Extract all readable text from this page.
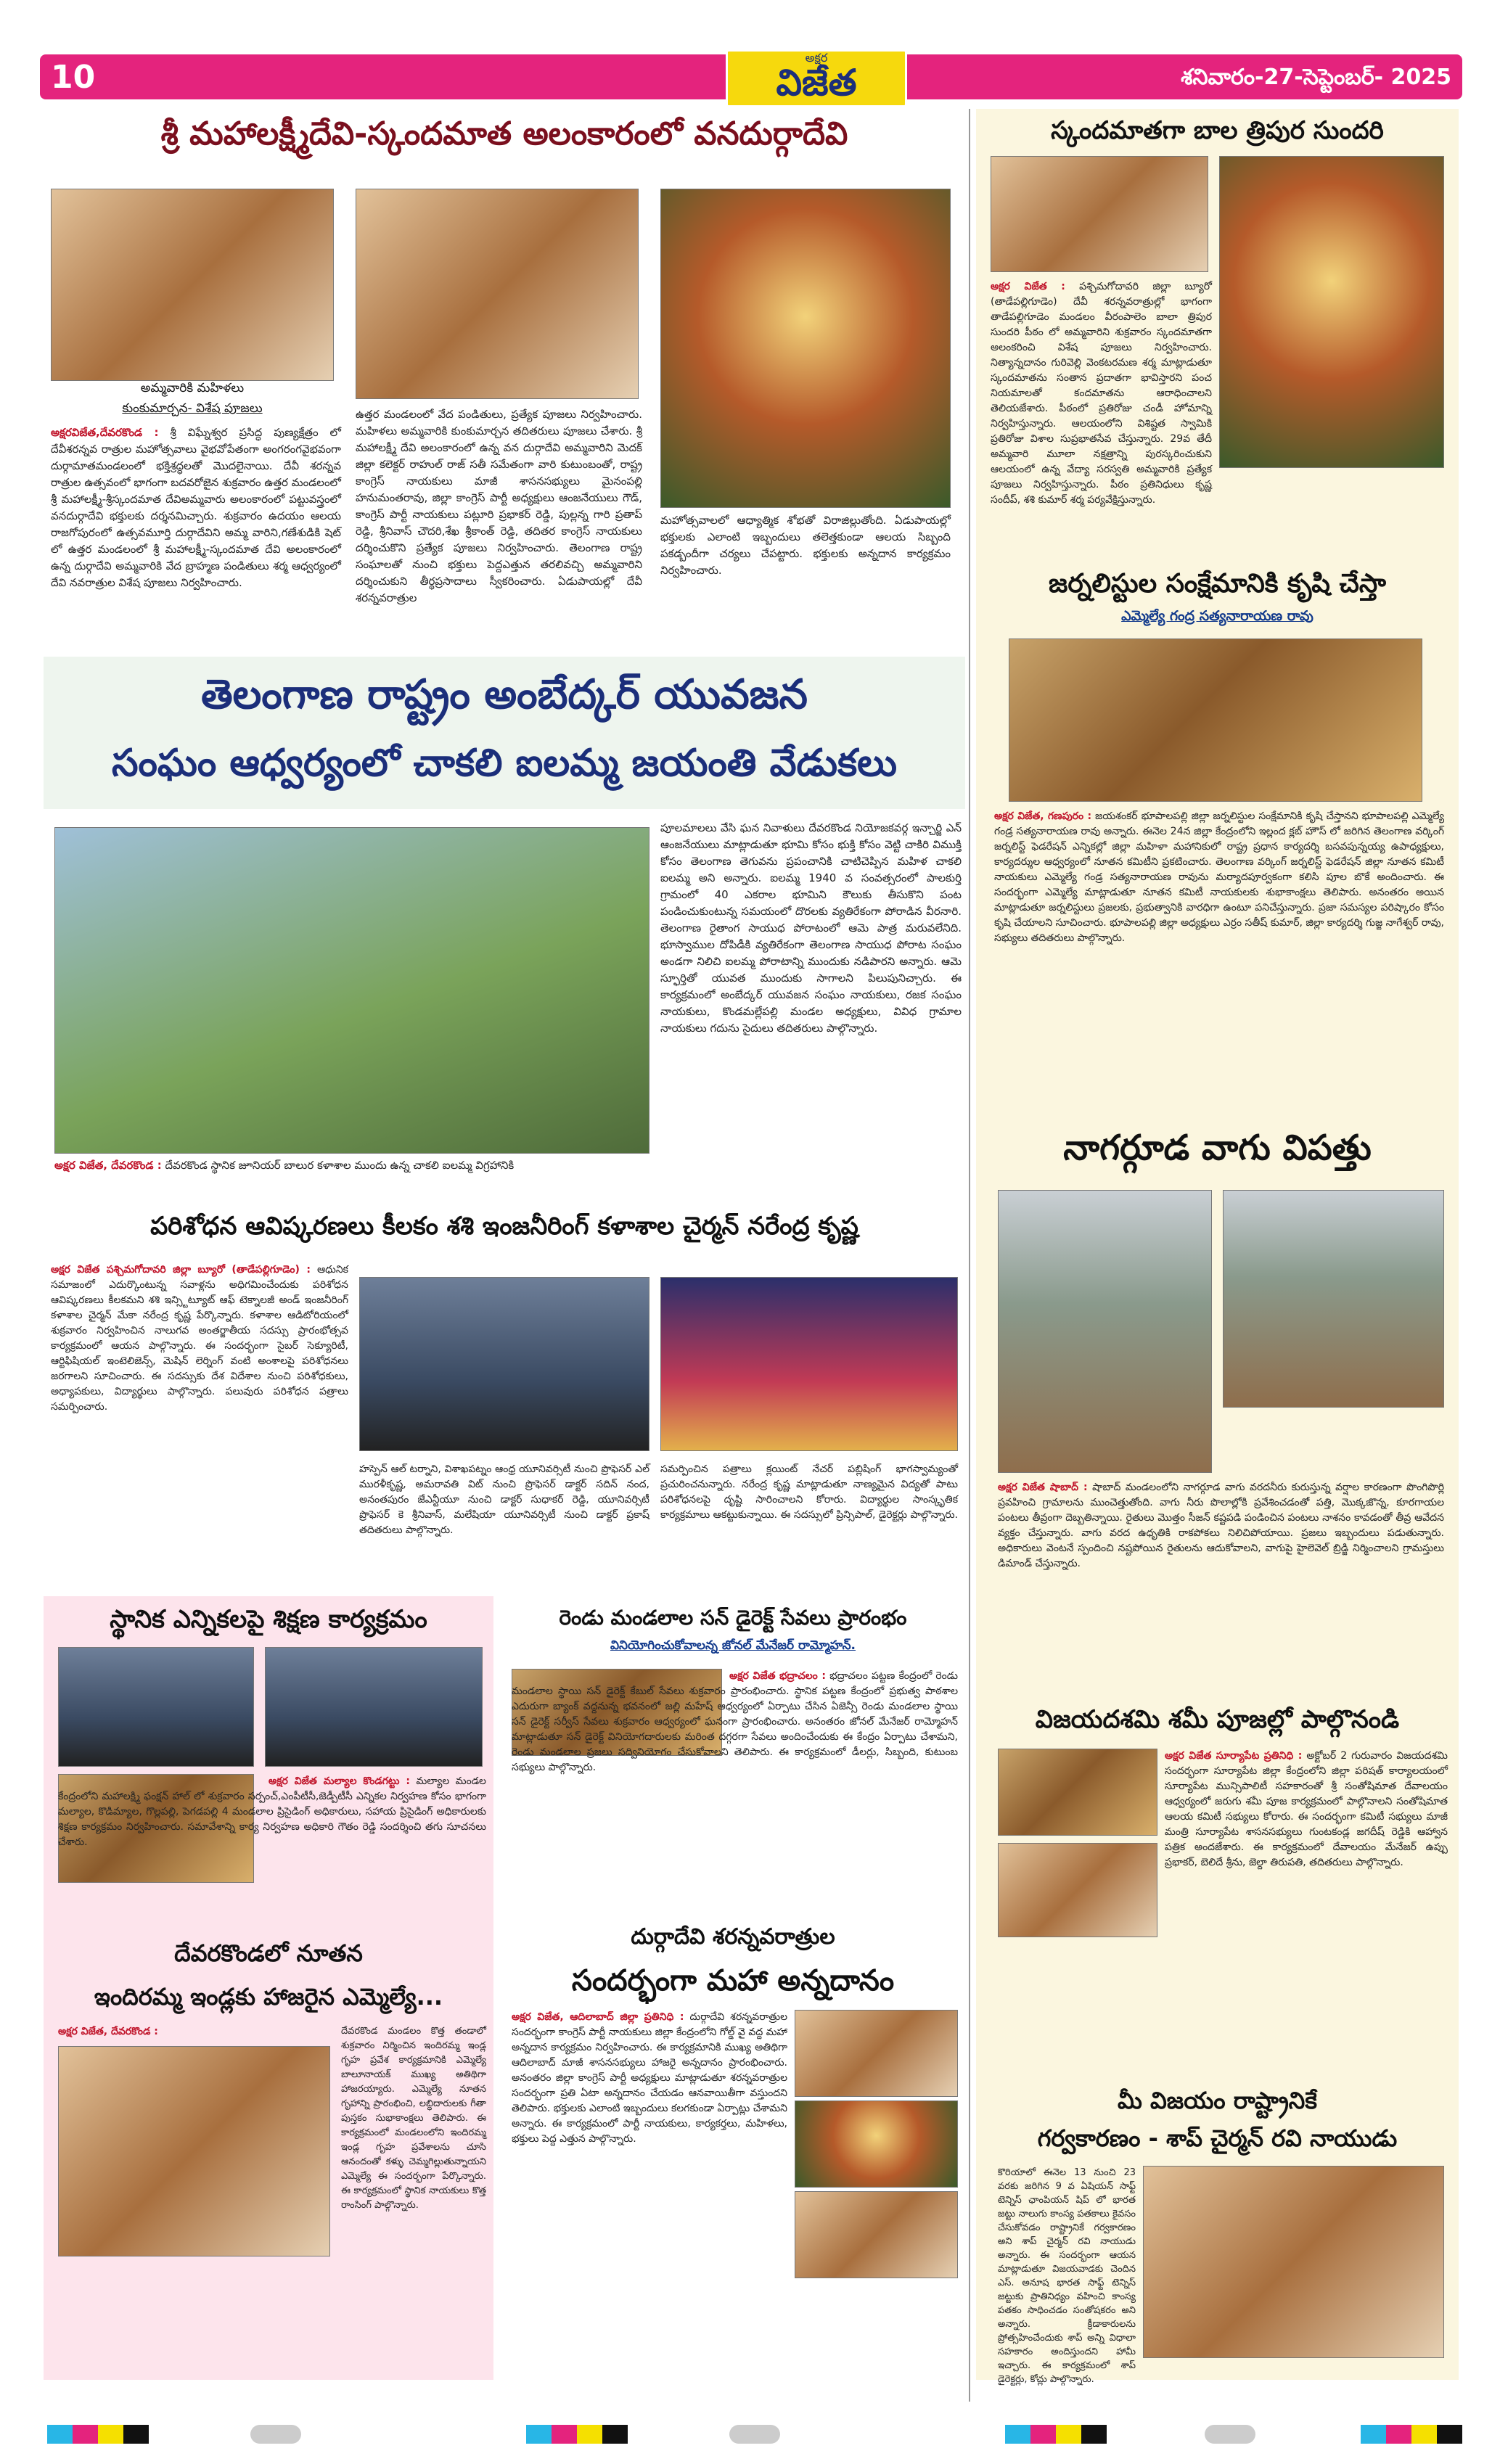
10
అక్షర
విజేత	శనివారం-27-సెప్టెంబర్- 2025
శ్రీ మహాలక్ష్మీదేవి-స్కందమాత అలంకారంలో వనదుర్గాదేవి
అమ్మవారికి మహిళలు
కుంకుమార్చన- విశేష పూజలు
అక్షరవిజేత,దేవరకొండ : శ్రీ విఘ్నేశ్వర ప్రసిద్ధ పుణ్యక్షేత్రం లో దేవీశరన్నవ రాత్రుల మహోత్సవాలు వైభవోపేతంగా అంగరంగవైభవంగా దుర్గామాతమండలంలో భక్తిశ్రద్ధలతో మొదలైనాయి. దేవీ శరన్నవ రాత్రుల ఉత్సవంలో భాగంగా బదవరోజైన శుక్రవారం ఉత్తర మండలంలో శ్రీ మహాలక్ష్మీ-శ్రీస్కందమాత దేవిఅమ్మవారు అలంకారంలో పట్టువస్త్రంలో వనదుర్గాదేవి భక్తులకు దర్శనమిచ్చారు. శుక్రవారం ఉదయం ఆలయ రాజగోపురంలో ఉత్సవమూర్తి దుర్గాదేవిని అమ్మ వారిని,గణేశుడికి షెట్ లో ఉత్తర మండలంలో శ్రీ మహాలక్ష్మీ-స్కందమాత దేవి అలంకారంలో ఉన్న దుర్గాదేవి అమ్మవారికి వేద బ్రాహ్మణ పండితులు శర్మ ఆధ్వర్యంలో దేవి నవరాత్రుల విశేష పూజలు నిర్వహించారు.
ఉత్తర మండలంలో వేద పండితులు, ప్రత్యేక పూజలు నిర్వహించారు. మహిళలు అమ్మవారికి కుంకుమార్చన తదితరులు పూజలు చేశారు. శ్రీ మహాలక్ష్మీ దేవి అలంకారంలో ఉన్న వన దుర్గాదేవి అమ్మవారిని మెదక్ జిల్లా కలెక్టర్ రాహుల్ రాజ్ సతీ సమేతంగా వారి కుటుంబంతో, రాష్ట్ర కాంగ్రెస్ నాయకులు మాజీ శాసనసభ్యులు మైనంపల్లి హనుమంతరావు, జిల్లా కాంగ్రెస్ పార్టీ అధ్యక్షులు ఆంజనేయులు గౌడ్, కాంగ్రెస్ పార్టీ నాయకులు పట్లూరి ప్రభాకర్ రెడ్డి, పుల్లన్న గారి ప్రతాప్ రెడ్డి, శ్రీనివాస్ చౌదరి,శేఖ శ్రీకాంత్ రెడ్డి, తదితర కాంగ్రెస్ నాయకులు దర్శించుకొని ప్రత్యేక పూజలు నిర్వహించారు. తెలంగాణ రాష్ట్ర సంఘాలతో నుంచి భక్తులు పెద్దఎత్తున తరలివచ్చి అమ్మవారిని దర్శించుకుని తీర్థప్రసాదాలు స్వీకరించారు. ఏడుపాయల్లో దేవీ శరన్నవరాత్రుల
మహోత్సవాలలో ఆధ్యాత్మిక శోభతో విరాజిల్లుతోంది. ఏడుపాయల్లో భక్తులకు ఎలాంటి ఇబ్బందులు తలెత్తకుండా ఆలయ సిబ్బంది పకడ్బందీగా చర్యలు చేపట్టారు. భక్తులకు అన్నదాన కార్యక్రమం నిర్వహించారు.
స్కందమాతగా బాల త్రిపుర సుందరి
అక్షర విజేత : పశ్చిమగోదావరి జిల్లా బ్యూరో (తాడేపల్లిగూడెం) దేవీ శరన్నవరాత్రుల్లో భాగంగా తాడేపల్లిగూడెం మండలం వీరంపాలెం బాలా త్రిపుర సుందరి పీఠం లో అమ్మవారిని శుక్రవారం స్కందమాతగా అలంకరించి విశేష పూజలు నిర్వహించారు. నిత్యాన్నదానం గురివెల్లి వెంకటరమణ శర్మ మాట్లాడుతూ స్కందమాతను సంతాన ప్రదాతగా భావిస్తారని పంచ నియమాలతో కందమాతను ఆరాధించాలని తెలియజేశారు. పీఠంలో ప్రతిరోజు చండీ హోమాన్ని నిర్వహిస్తున్నారు. ఆలయంలోని విశిష్టత స్వామికి ప్రతిరోజు విశాల సుప్రభాతసేవ చేస్తున్నారు. 29వ తేదీ అమ్మవారి మూలా నక్షత్రాన్ని పురస్కరించుకుని ఆలయంలో ఉన్న వేద్యా సరస్వతి అమ్మవారికి ప్రత్యేక పూజలు నిర్వహిస్తున్నారు. పీఠం ప్రతినిధులు కృష్ణ సందీప్, శశి కుమార్ శర్మ పర్యవేక్షిస్తున్నారు.
జర్నలిస్టుల సంక్షేమానికి కృషి చేస్తా
ఎమ్మెల్యే గంద్ర సత్యనారాయణ రావు
అక్షర విజేత, గణపురం : జయశంకర్ భూపాలపల్లి జిల్లా జర్నలిస్టుల సంక్షేమానికి కృషి చేస్తానని భూపాలపల్లి ఎమ్మెల్యే గండ్ర సత్యనారాయణ రావు అన్నారు. ఈనెల 24న జిల్లా కేంద్రంలోని ఇల్లంద క్లబ్ హౌస్ లో జరిగిన తెలంగాణ వర్కింగ్ జర్నలిస్ట్ ఫెడరేషన్ ఎన్నికల్లో జిల్లా మహిళా మహానికులో రాష్ట్ర ప్రధాన కార్యదర్శి బసవపున్నయ్య ఉపాధ్యక్షులు, కార్యదర్శుల ఆధ్వర్యంలో నూతన కమిటీని ప్రకటించారు. తెలంగాణ వర్కింగ్ జర్నలిస్ట్ ఫెడరేషన్ జిల్లా నూతన కమిటీ నాయకులు ఎమ్మెల్యే గండ్ర సత్యనారాయణ రావును మర్యాదపూర్వకంగా కలిసి పూల బొకే అందించారు. ఈ సందర్భంగా ఎమ్మెల్యే మాట్లాడుతూ నూతన కమిటీ నాయకులకు శుభాకాంక్షలు తెలిపారు. అనంతరం అయిన మాట్లాడుతూ జర్నలిస్టులు ప్రజలకు, ప్రభుత్వానికి వారధిగా ఉంటూ పనిచేస్తున్నారు. ప్రజా సమస్యల పరిష్కారం కోసం కృషి చేయాలని సూచించారు. భూపాలపల్లి జిల్లా అధ్యక్షులు ఎర్రం సతీష్ కుమార్, జిల్లా కార్యదర్శి గుజ్జ నాగేశ్వర్ రావు, సభ్యులు తదితరులు పాల్గొన్నారు.
తెలంగాణ రాష్ట్రం అంబేద్కర్ యువజన
సంఘం ఆధ్వర్యంలో చాకలి ఐలమ్మ జయంతి వేడుకలు
అక్షర విజేత, దేవరకొండ : దేవరకొండ స్థానిక జూనియర్ బాలుర కళాశాల ముందు ఉన్న చాకలి ఐలమ్మ విగ్రహానికి
పూలమాలలు వేసి ఘన నివాళులు దేవరకొండ నియోజకవర్గ ఇన్చార్జి ఎన్ ఆంజనేయులు మాట్లాడుతూ భూమి కోసం భుక్తి కోసం వెట్టి చాకిరి విముక్తి కోసం తెలంగాణ తెగువను ప్రపంచానికి చాటిచెప్పిన మహిళ చాకలి ఐలమ్మ అని అన్నారు. ఐలమ్మ 1940 వ సంవత్సరంలో పాలకుర్తి గ్రామంలో 40 ఎకరాల భూమిని కౌలుకు తీసుకొని పంట పండించుకుంటున్న సమయంలో దొరలకు వ్యతిరేకంగా పోరాడిన వీరనారి. తెలంగాణ రైతాంగ సాయుధ పోరాటంలో ఆమె పాత్ర మరువలేనిది. భూస్వాముల దోపిడీకి వ్యతిరేకంగా తెలంగాణ సాయుధ పోరాట సంఘం అండగా నిలిచి ఐలమ్మ పోరాటాన్ని ముందుకు నడిపారని అన్నారు. ఆమె స్ఫూర్తితో యువత ముందుకు సాగాలని పిలుపునిచ్చారు. ఈ కార్యక్రమంలో అంబేద్కర్ యువజన సంఘం నాయకులు, రజక సంఘం నాయకులు, కొండమల్లేపల్లి మండల అధ్యక్షులు, వివిధ గ్రామాల నాయకులు గదును సైదులు తదితరులు పాల్గొన్నారు.
పరిశోధన ఆవిష్కరణలు కీలకం శశి ఇంజనీరింగ్ కళాశాల చైర్మన్ నరేంద్ర కృష్ణ
అక్షర విజేత పశ్చిమగోదావరి జిల్లా బ్యూరో (తాడేపల్లిగూడెం) : ఆధునిక సమాజంలో ఎదుర్కొంటున్న సవాళ్లను అధిగమించేందుకు పరిశోధన ఆవిష్కరణలు కీలకమని శశి ఇన్స్టిట్యూట్ ఆఫ్ టెక్నాలజీ అండ్ ఇంజనీరింగ్ కళాశాల చైర్మన్ మేకా నరేంద్ర కృష్ణ పేర్కొన్నారు. కళాశాల ఆడిటోరియంలో శుక్రవారం నిర్వహించిన నాలుగవ అంతర్జాతీయ సదస్సు ప్రారంభోత్సవ కార్యక్రమంలో ఆయన పాల్గొన్నారు. ఈ సందర్భంగా సైబర్ సెక్యూరిటీ, ఆర్టిఫిషియల్ ఇంటెలిజెన్స్, మెషిన్ లెర్నింగ్ వంటి అంశాలపై పరిశోధనలు జరగాలని సూచించారు. ఈ సదస్సుకు దేశ విదేశాల నుంచి పరిశోధకులు, అధ్యాపకులు, విద్యార్థులు పాల్గొన్నారు. పలువురు పరిశోధన పత్రాలు సమర్పించారు.
హస్పెన్ ఆల్ టర్నాని, విశాఖపట్నం ఆంధ్ర యూనివర్సిటీ నుంచి ప్రొఫెసర్ ఎల్ మురళీకృష్ణ, అమరావతి విట్ నుంచి ప్రొఫెసర్ డాక్టర్ సదిన్ నంద, అనంతపురం జేఎన్టీయూ నుంచి డాక్టర్ సుధాకర్ రెడ్డి, యూనివర్సిటీ ప్రొఫెసర్ కె శ్రీనివాస్, మలేషియా యూనివర్సిటీ నుంచి డాక్టర్ ప్రకాష్ తదితరులు పాల్గొన్నారు.
సమర్పించిన పత్రాలు క్లయింట్ నేచర్ పబ్లిషింగ్ భాగస్వామ్యంతో ప్రచురించనున్నారు. నరేంద్ర కృష్ణ మాట్లాడుతూ నాణ్యమైన విద్యతో పాటు పరిశోధనలపై దృష్టి సారించాలని కోరారు. విద్యార్థుల సాంస్కృతిక కార్యక్రమాలు ఆకట్టుకున్నాయి. ఈ సదస్సులో ప్రిన్సిపాల్, డైరెక్టర్లు పాల్గొన్నారు.
నాగర్గూడ వాగు విపత్తు
అక్షర విజేత షాబాద్ : షాబాద్ మండలంలోని నాగర్గూడ వాగు వరదనీరు కురుస్తున్న వర్షాల కారణంగా పొంగిపొర్లి ప్రవహించి గ్రామాలను ముంచెత్తుతోంది. వాగు నీరు పొలాల్లోకి ప్రవేశించడంతో పత్తి, మొక్కజొన్న, కూరగాయల పంటలు తీవ్రంగా దెబ్బతిన్నాయి. రైతులు మొత్తం సీజన్ కష్టపడి పండించిన పంటలు నాశనం కావడంతో తీవ్ర ఆవేదన వ్యక్తం చేస్తున్నారు. వాగు వరద ఉధృతికి రాకపోకలు నిలిచిపోయాయి. ప్రజలు ఇబ్బందులు పడుతున్నారు. అధికారులు వెంటనే స్పందించి నష్టపోయిన రైతులను ఆదుకోవాలని, వాగుపై హైలెవెల్ బ్రిడ్జి నిర్మించాలని గ్రామస్తులు డిమాండ్ చేస్తున్నారు.
విజయదశమి శమీ పూజల్లో పాల్గొనండి
అక్షర విజేత సూర్యాపేట ప్రతినిధి : అక్టోబర్ 2 గురువారం విజయదశమి సందర్భంగా సూర్యాపేట జిల్లా కేంద్రంలోని జిల్లా పరిషత్ కార్యాలయంలో సూర్యాపేట మున్సిపాలిటీ సహకారంతో శ్రీ సంతోషిమాత దేవాలయం ఆధ్వర్యంలో జరుగు శమీ పూజ కార్యక్రమంలో పాల్గొనాలని సంతోషిమాత ఆలయ కమిటీ సభ్యులు కోరారు. ఈ సందర్భంగా కమిటీ సభ్యులు మాజీ మంత్రి సూర్యాపేట శాసనసభ్యులు గుంటకండ్ల జగదీష్ రెడ్డికి ఆహ్వాన పత్రిక అందజేశారు. ఈ కార్యక్రమంలో దేవాలయం మేనేజర్ ఉప్పు ప్రభాకర్, బెలిదే శ్రీను, జెల్దా తిరుపతి, తదితరులు పాల్గొన్నారు.
మీ విజయం రాష్ట్రానికే
గర్వకారణం - శాప్ చైర్మన్ రవి నాయుడు
కొరియాలో ఈనెల 13 నుంచి 23 వరకు జరిగిన 9 వ ఏషియన్ సాఫ్ట్ టెన్నిస్ ఛాంపియన్ షిప్ లో భారత జట్టు నాలుగు కాంస్య పతకాలు కైవసం చేసుకోవడం రాష్ట్రానికే గర్వకారణం అని శాప్ చైర్మన్ రవి నాయుడు అన్నారు. ఈ సందర్భంగా ఆయన మాట్లాడుతూ విజయవాడకు చెందిన ఎస్. అనూష భారత సాఫ్ట్ టెన్నిస్ జట్టుకు ప్రాతినిధ్యం వహించి కాంస్య పతకం సాధించడం సంతోషకరం అని అన్నారు. క్రీడాకారులను ప్రోత్సహించేందుకు శాప్ అన్ని విధాలా సహకారం అందిస్తుందని హామీ ఇచ్చారు. ఈ కార్యక్రమంలో శాప్ డైరెక్టర్లు, కోచ్లు పాల్గొన్నారు.
స్థానిక ఎన్నికలపై శిక్షణ కార్యక్రమం
అక్షర విజేత మల్యాల కొండగట్టు : మల్యాల మండల కేంద్రంలోని మహాలక్ష్మి ఫంక్షన్ హాల్ లో శుక్రవారం సర్పంచ్,ఎంపీటీసీ,జెడ్పీటీసీ ఎన్నికల నిర్వహణ కోసం భాగంగా మల్యాల, కొడిమ్యాల, గొల్లపల్లి, పెగడపల్లి 4 మండలాల ప్రిసైడింగ్ అధికారులు, సహాయ ప్రిసైడింగ్ అధికారులకు శిక్షణ కార్యక్రమం నిర్వహించారు. సమావేశాన్ని కార్య నిర్వహణ అధికారి గౌతం రెడ్డి సందర్శించి తగు సూచనలు చేశారు.
దేవరకొండలో నూతన
ఇందిరమ్మ ఇండ్లకు హాజరైన ఎమ్మెల్యే...
అక్షర విజేత, దేవరకొండ :	దేవరకొండ మండలం కొత్త తండాలో శుక్రవారం నిర్మించిన ఇందిరమ్మ ఇండ్ల గృహ ప్రవేశ కార్యక్రమానికి ఎమ్మెల్యే బాలూనాయక్ ముఖ్య అతిథిగా హాజరయ్యారు. ఎమ్మెల్యే నూతన గృహాన్ని ప్రారంభించి, లబ్ధిదారులకు గీతా పుస్తకం సుభాకాంక్షలు తెలిపారు. ఈ కార్యక్రమంలో మండలంలోని ఇందిరమ్మ ఇండ్ల గృహ ప్రవేశాలను చూసి ఆనందంతో కళ్ళు చెమ్మగిల్లుతున్నాయని ఎమ్మెల్యే ఈ సందర్భంగా పేర్కొన్నారు. ఈ కార్యక్రమంలో స్థానిక నాయకులు కొత్త రాంసింగ్ పాల్గొన్నారు.
రెండు మండలాల సన్ డైరెక్ట్ సేవలు ప్రారంభం
వినియోగించుకోవాలన్న జోనల్ మేనేజర్ రామ్మోహన్.
అక్షర విజేత భద్రాచలం : భద్రాచలం పట్టణ కేంద్రంలో రెండు మండలాల స్థాయి సన్ డైరెక్ట్ కేబుల్ సేవలు శుక్రవారం ప్రారంభించారు. స్థానిక పట్టణ కేంద్రంలో ప్రభుత్వ పాఠశాల ఎదురుగా బ్యాంక్ వద్దనున్న భవనంలో జల్లి మహేష్ ఆధ్వర్యంలో ఏర్పాటు చేసిన ఏజెన్సీ రెండు మండలాల స్థాయి సన్ డైరెక్ట్ సర్వీస్ సేవలు శుక్రవారం ఆధ్వర్యంలో ఘనంగా ప్రారంభించారు. అనంతరం జోనల్ మేనేజర్ రామ్మోహన్ మాట్లాడుతూ సన్ డైరెక్ట్ వినియోగదారులకు మరింత దగ్గరగా సేవలు అందించేందుకు ఈ కేంద్రం ఏర్పాటు చేశామని, రెండు మండలాల ప్రజలు సద్వినియోగం చేసుకోవాలని తెలిపారు. ఈ కార్యక్రమంలో డీలర్లు, సిబ్బంది, కుటుంబ సభ్యులు పాల్గొన్నారు.
దుర్గాదేవి శరన్నవరాత్రుల
సందర్భంగా మహా అన్నదానం
అక్షర విజేత, ఆదిలాబాద్ జిల్లా ప్రతినిధి : దుర్గాదేవి శరన్నవరాత్రుల సందర్భంగా కాంగ్రెస్ పార్టీ నాయకులు జిల్లా కేంద్రంలోని గోల్డ్ వై వద్ద మహా అన్నదాన కార్యక్రమం నిర్వహించారు. ఈ కార్యక్రమానికి ముఖ్య అతిథిగా ఆదిలాబాద్ మాజీ శాసనసభ్యులు హాజరై అన్నదానం ప్రారంభించారు. అనంతరం జిల్లా కాంగ్రెస్ పార్టీ అధ్యక్షులు మాట్లాడుతూ శరన్నవరాత్రుల సందర్భంగా ప్రతి ఏటా అన్నదానం చేయడం ఆనవాయితీగా వస్తుందని తెలిపారు. భక్తులకు ఎలాంటి ఇబ్బందులు కలగకుండా ఏర్పాట్లు చేశామని అన్నారు. ఈ కార్యక్రమంలో పార్టీ నాయకులు, కార్యకర్తలు, మహిళలు, భక్తులు పెద్ద ఎత్తున పాల్గొన్నారు.
